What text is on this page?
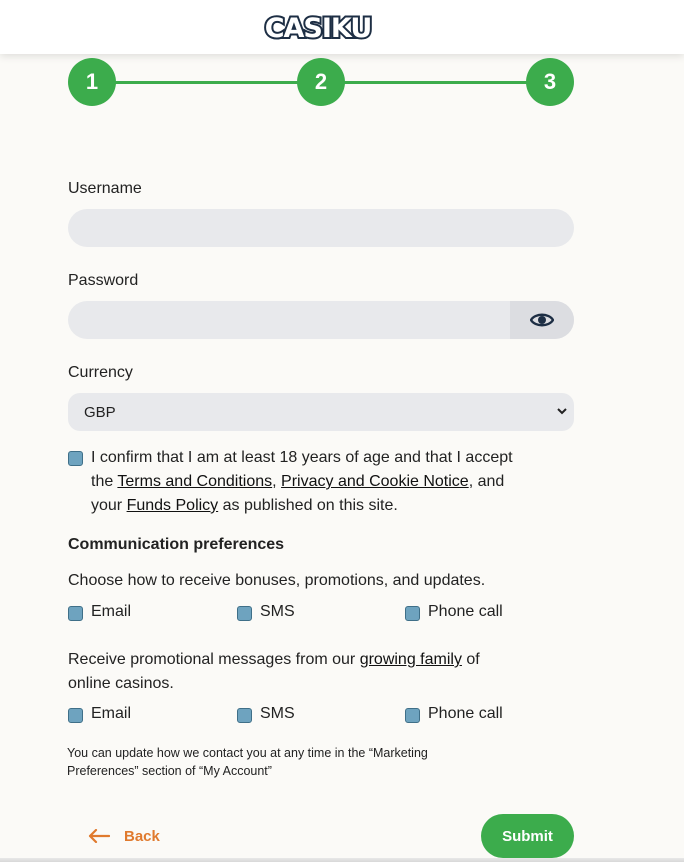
CASIKU
1	2	3
Username
Password
Currency
GBP
I confirm that I am at least 18 years of age and that I accept
the Terms and Conditions, Privacy and Cookie Notice, and
your Funds Policy as published on this site.
Communication preferences
Choose how to receive bonuses, promotions, and updates.
Email	SMS	Phone call
Receive promotional messages from our growing family of
online casinos.
Email	SMS	Phone call
You can update how we contact you at any time in the “Marketing
Preferences” section of “My Account”
Back	Submit
